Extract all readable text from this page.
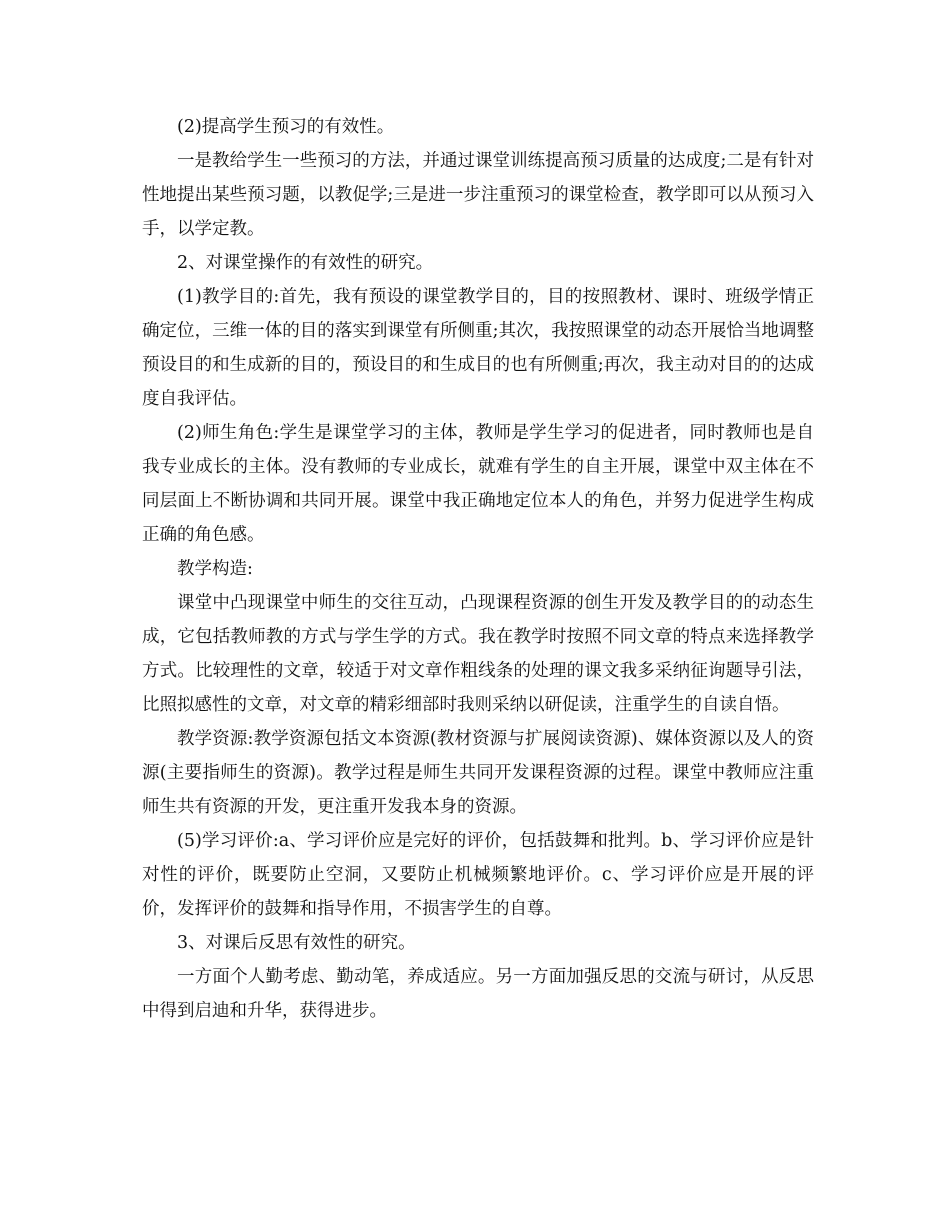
(2)提高学生预习的有效性。

一是教给学生一些预习的方法，并通过课堂训练提高预习质量的达成度;二是有针对性地提出某些预习题，以教促学;三是进一步注重预习的课堂检查，教学即可以从预习入手，以学定教。

2、对课堂操作的有效性的研究。

(1)教学目的:首先，我有预设的课堂教学目的，目的按照教材、课时、班级学情正确定位，三维一体的目的落实到课堂有所侧重;其次，我按照课堂的动态开展恰当地调整预设目的和生成新的目的，预设目的和生成目的也有所侧重;再次，我主动对目的的达成度自我评估。

(2)师生角色:学生是课堂学习的主体，教师是学生学习的促进者，同时教师也是自我专业成长的主体。没有教师的专业成长，就难有学生的自主开展，课堂中双主体在不同层面上不断协调和共同开展。课堂中我正确地定位本人的角色，并努力促进学生构成正确的角色感。

教学构造:

课堂中凸现课堂中师生的交往互动，凸现课程资源的创生开发及教学目的的动态生成，它包括教师教的方式与学生学的方式。我在教学时按照不同文章的特点来选择教学方式。比较理性的文章，较适于对文章作粗线条的处理的课文我多采纳征询题导引法，比照拟感性的文章，对文章的精彩细部时我则采纳以研促读，注重学生的自读自悟。

教学资源:教学资源包括文本资源(教材资源与扩展阅读资源)、媒体资源以及人的资源(主要指师生的资源)。教学过程是师生共同开发课程资源的过程。课堂中教师应注重师生共有资源的开发，更注重开发我本身的资源。

(5)学习评价:a、学习评价应是完好的评价，包括鼓舞和批判。b、学习评价应是针对性的评价，既要防止空洞，又要防止机械频繁地评价。c、学习评价应是开展的评价，发挥评价的鼓舞和指导作用，不损害学生的自尊。

3、对课后反思有效性的研究。

一方面个人勤考虑、勤动笔，养成适应。另一方面加强反思的交流与研讨，从反思中得到启迪和升华，获得进步。
